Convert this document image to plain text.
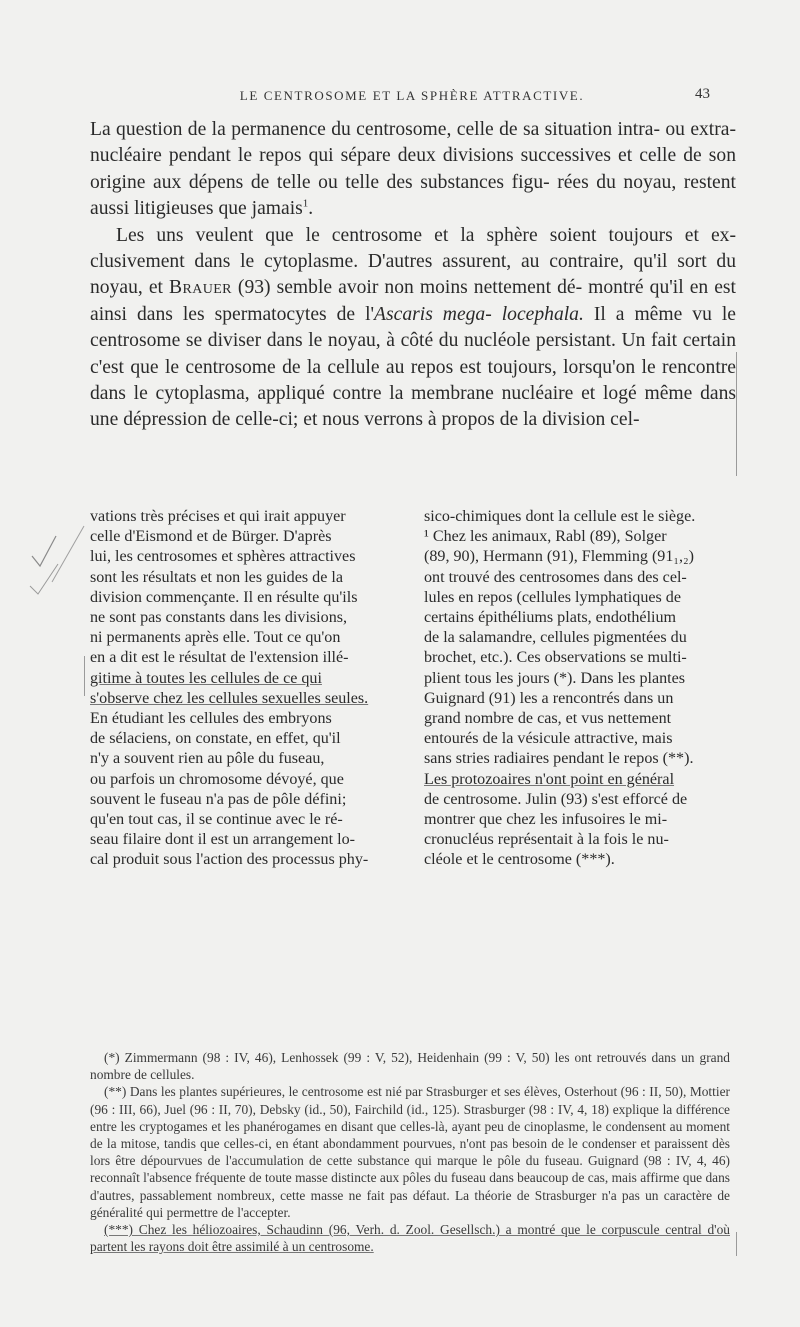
LE CENTROSOME ET LA SPHÈRE ATTRACTIVE.	43

La question de la permanence du centrosome, celle de sa situation intra- ou extra-nucléaire pendant le repos qui sépare deux divisions successives et celle de son origine aux dépens de telle ou telle des substances figu- rées du noyau, restent aussi litigieuses que jamais$^1$.

Les uns veulent que le centrosome et la sphère soient toujours et ex- clusivement dans le cytoplasme. D'autres assurent, au contraire, qu'il sort du noyau, et Brauer (93) semble avoir non moins nettement dé- montré qu'il en est ainsi dans les spermatocytes de l'Ascaris mega- locephala. Il a même vu le centrosome se diviser dans le noyau, à côté du nucléole persistant. Un fait certain c'est que le centrosome de la cellule au repos est toujours, lorsqu'on le rencontre dans le cytoplasma, appliqué contre la membrane nucléaire et logé même dans une dépression de celle-ci; et nous verrons à propos de la division cel-

vations très précises et qui irait appuyer
celle d'Eismond et de Bürger. D'après
lui, les centrosomes et sphères attractives
sont les résultats et non les guides de la
division commençante. Il en résulte qu'ils
ne sont pas constants dans les divisions,
ni permanents après elle. Tout ce qu'on
en a dit est le résultat de l'extension illé-
gitime à toutes les cellules de ce qui
s'observe chez les cellules sexuelles seules.
En étudiant les cellules des embryons
de sélaciens, on constate, en effet, qu'il
n'y a souvent rien au pôle du fuseau,
ou parfois un chromosome dévoyé, que
souvent le fuseau n'a pas de pôle défini;
qu'en tout cas, il se continue avec le ré-
seau filaire dont il est un arrangement lo-
cal produit sous l'action des processus phy-
sico-chimiques dont la cellule est le siège.
¹ Chez les animaux, Rabl (89), Solger
(89, 90), Hermann (91), Flemming (91₁,₂)
ont trouvé des centrosomes dans des cel-
lules en repos (cellules lymphatiques de
certains épithéliums plats, endothélium
de la salamandre, cellules pigmentées du
brochet, etc.). Ces observations se multi-
plient tous les jours (*). Dans les plantes
Guignard (91) les a rencontrés dans un
grand nombre de cas, et vus nettement
entourés de la vésicule attractive, mais
sans stries radiaires pendant le repos (**).
Les protozoaires n'ont point en général
de centrosome. Julin (93) s'est efforcé de
montrer que chez les infusoires le mi-
cronucléus représentait à la fois le nu-
cléole et le centrosome (***).

(*) Zimmermann (98 : IV, 46), Lenhossek (99 : V, 52), Heidenhain (99 : V, 50) les ont retrouvés dans un grand nombre de cellules.

(**) Dans les plantes supérieures, le centrosome est nié par Strasburger et ses élèves, Osterhout (96 : II, 50), Mottier (96 : III, 66), Juel (96 : II, 70), Debsky (id., 50), Fairchild (id., 125). Strasburger (98 : IV, 4, 18) explique la différence entre les cryptogames et les phanérogames en disant que celles-là, ayant peu de cinoplasme, le condensent au moment de la mitose, tandis que celles-ci, en étant abondamment pourvues, n'ont pas besoin de le condenser et paraissent dès lors être dépourvues de l'accumulation de cette substance qui marque le pôle du fuseau. Guignard (98 : IV, 4, 46) reconnaît l'absence fréquente de toute masse distincte aux pôles du fuseau dans beaucoup de cas, mais affirme que dans d'autres, passablement nombreux, cette masse ne fait pas défaut. La théorie de Strasburger n'a pas un caractère de généralité qui permettre de l'accepter.

(***) Chez les héliozoaires, Schaudinn (96, Verh. d. Zool. Gesellsch.) a montré que le corpuscule central d'où partent les rayons doit être assimilé à un centrosome.
